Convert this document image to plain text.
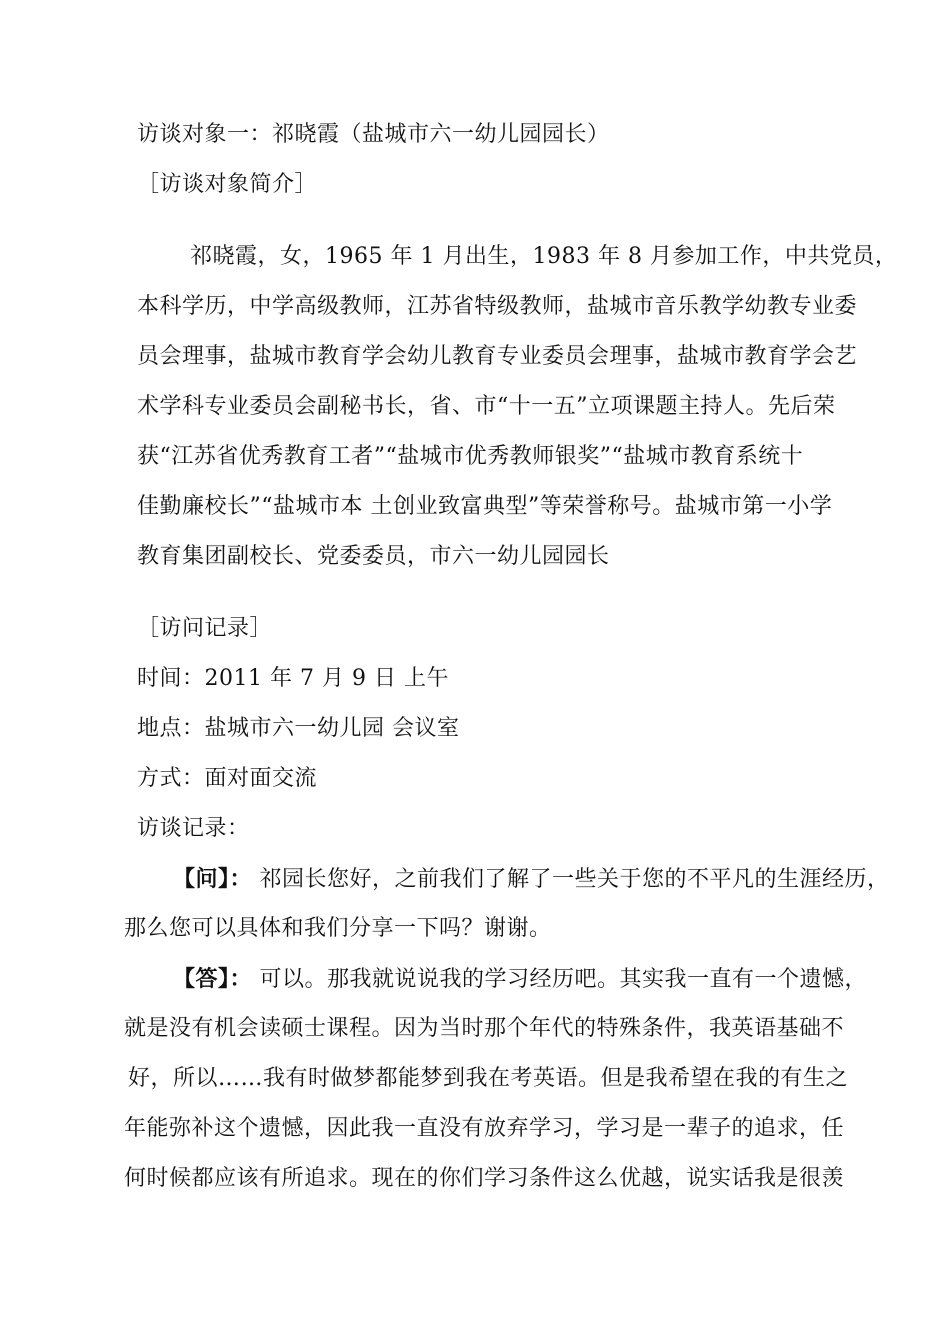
访谈对象一：祁晓霞（盐城市六一幼儿园园长）
［访谈对象简介］
祁晓霞，女，1965 年 1 月出生，1983 年 8 月参加工作，中共党员，
本科学历，中学高级教师，江苏省特级教师，盐城市音乐教学幼教专业委
员会理事，盐城市教育学会幼儿教育专业委员会理事，盐城市教育学会艺
术学科专业委员会副秘书长，省、市“十一五”立项课题主持人。先后荣
获“江苏省优秀教育工者”“盐城市优秀教师银奖”“盐城市教育系统十
佳勤廉校长”“盐城市本 土创业致富典型”等荣誉称号。盐城市第一小学
教育集团副校长、党委委员，市六一幼儿园园长
［访问记录］
时间：2011 年 7 月 9 日 上午
地点：盐城市六一幼儿园 会议室
方式：面对面交流
访谈记录：
【问】： 祁园长您好，之前我们了解了一些关于您的不平凡的生涯经历，
那么您可以具体和我们分享一下吗？谢谢。
【答】： 可以。那我就说说我的学习经历吧。其实我一直有一个遗憾，
就是没有机会读硕士课程。因为当时那个年代的特殊条件，我英语基础不
好，所以……我有时做梦都能梦到我在考英语。但是我希望在我的有生之
年能弥补这个遗憾，因此我一直没有放弃学习，学习是一辈子的追求，任
何时候都应该有所追求。现在的你们学习条件这么优越，说实话我是很羡
